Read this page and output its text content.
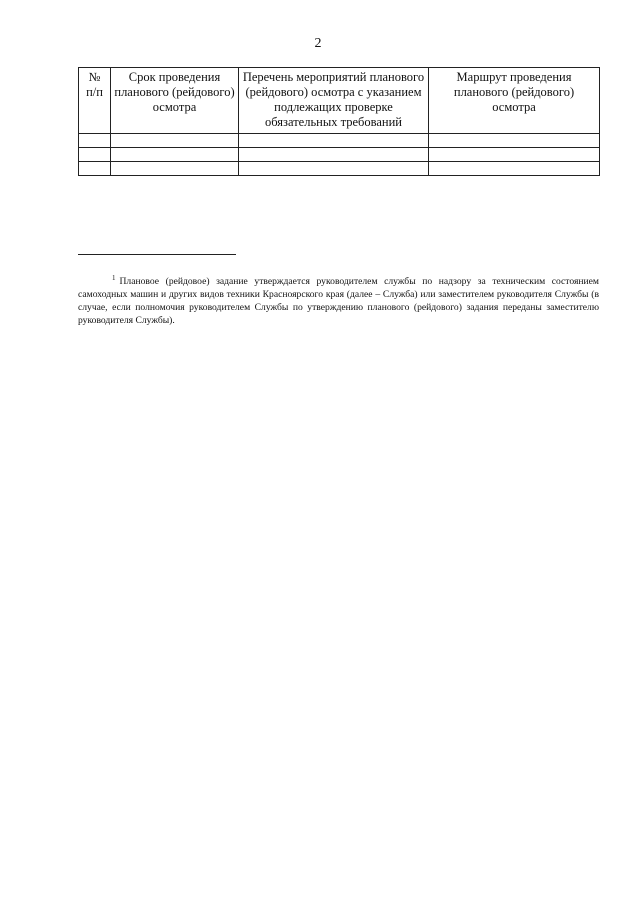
2
№ п/п	Срок проведения планового (рейдового) осмотра	Перечень мероприятий планового (рейдового) осмотра с указанием подлежащих проверке обязательных требований	Маршрут проведения планового (рейдового) осмотра

$^1$ Плановое (рейдовое) задание утверждается руководителем службы по надзору за техническим состоянием самоходных машин и других видов техники Красноярского края (далее – Служба) или заместителем руководителя Службы (в случае, если полномочия руководителем Службы по утверждению планового (рейдового) задания переданы заместителю руководителя Службы).
